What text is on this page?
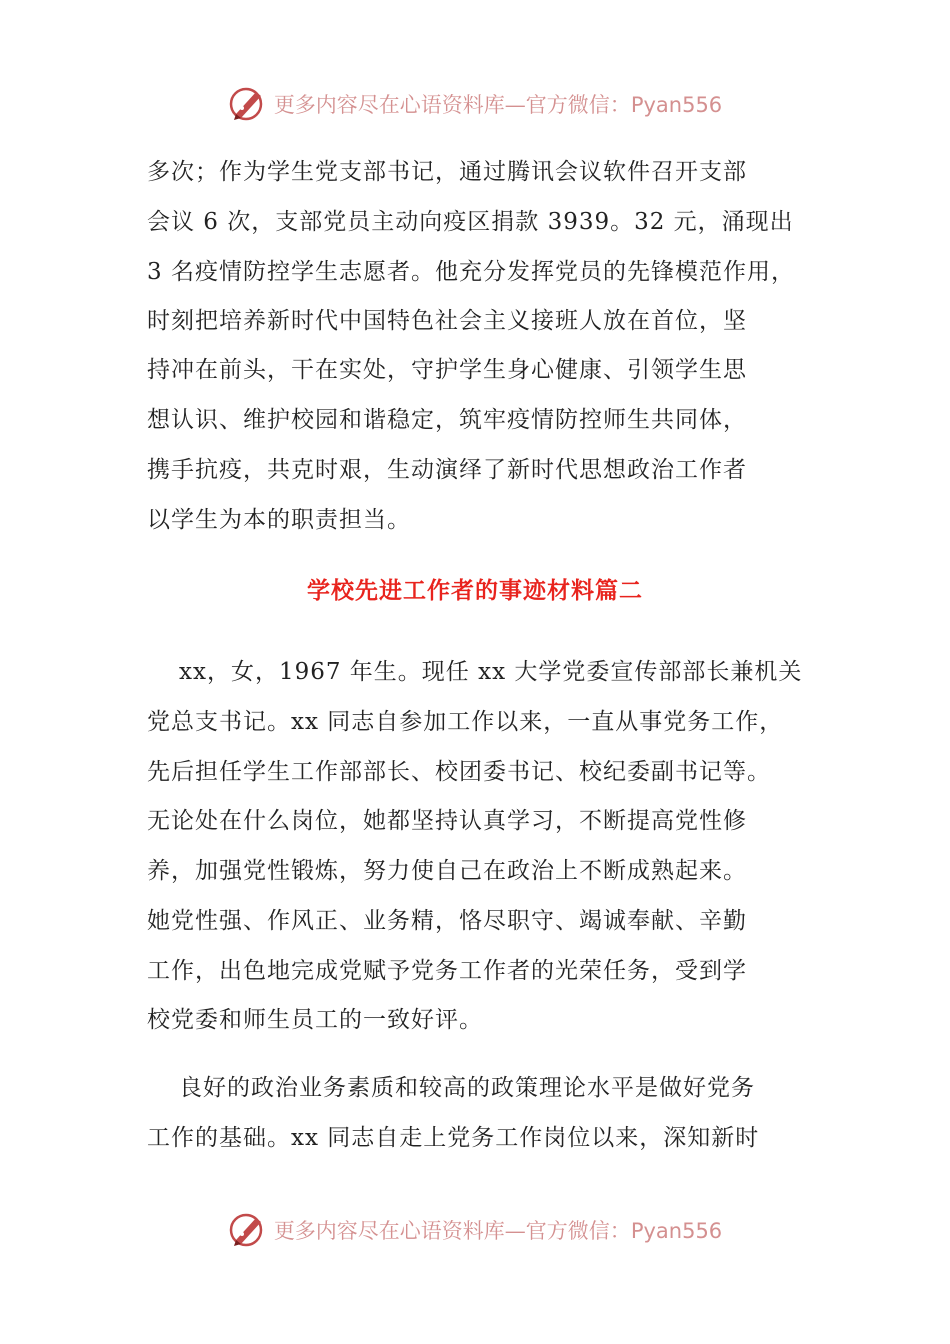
更多内容尽在心语资料库—官方微信：Pyan556
多次；作为学生党支部书记，通过腾讯会议软件召开支部
会议 6 次，支部党员主动向疫区捐款 3939。32 元，涌现出
3 名疫情防控学生志愿者。他充分发挥党员的先锋模范作用，
时刻把培养新时代中国特色社会主义接班人放在首位，坚
持冲在前头，干在实处，守护学生身心健康、引领学生思
想认识、维护校园和谐稳定，筑牢疫情防控师生共同体，
携手抗疫，共克时艰，生动演绎了新时代思想政治工作者
以学生为本的职责担当。
学校先进工作者的事迹材料篇二
xx，女，1967 年生。现任 xx 大学党委宣传部部长兼机关
党总支书记。xx 同志自参加工作以来，一直从事党务工作，
先后担任学生工作部部长、校团委书记、校纪委副书记等。
无论处在什么岗位，她都坚持认真学习，不断提高党性修
养，加强党性锻炼，努力使自己在政治上不断成熟起来。
她党性强、作风正、业务精，恪尽职守、竭诚奉献、辛勤
工作，出色地完成党赋予党务工作者的光荣任务，受到学
校党委和师生员工的一致好评。
良好的政治业务素质和较高的政策理论水平是做好党务
工作的基础。xx 同志自走上党务工作岗位以来，深知新时
更多内容尽在心语资料库—官方微信：Pyan556
